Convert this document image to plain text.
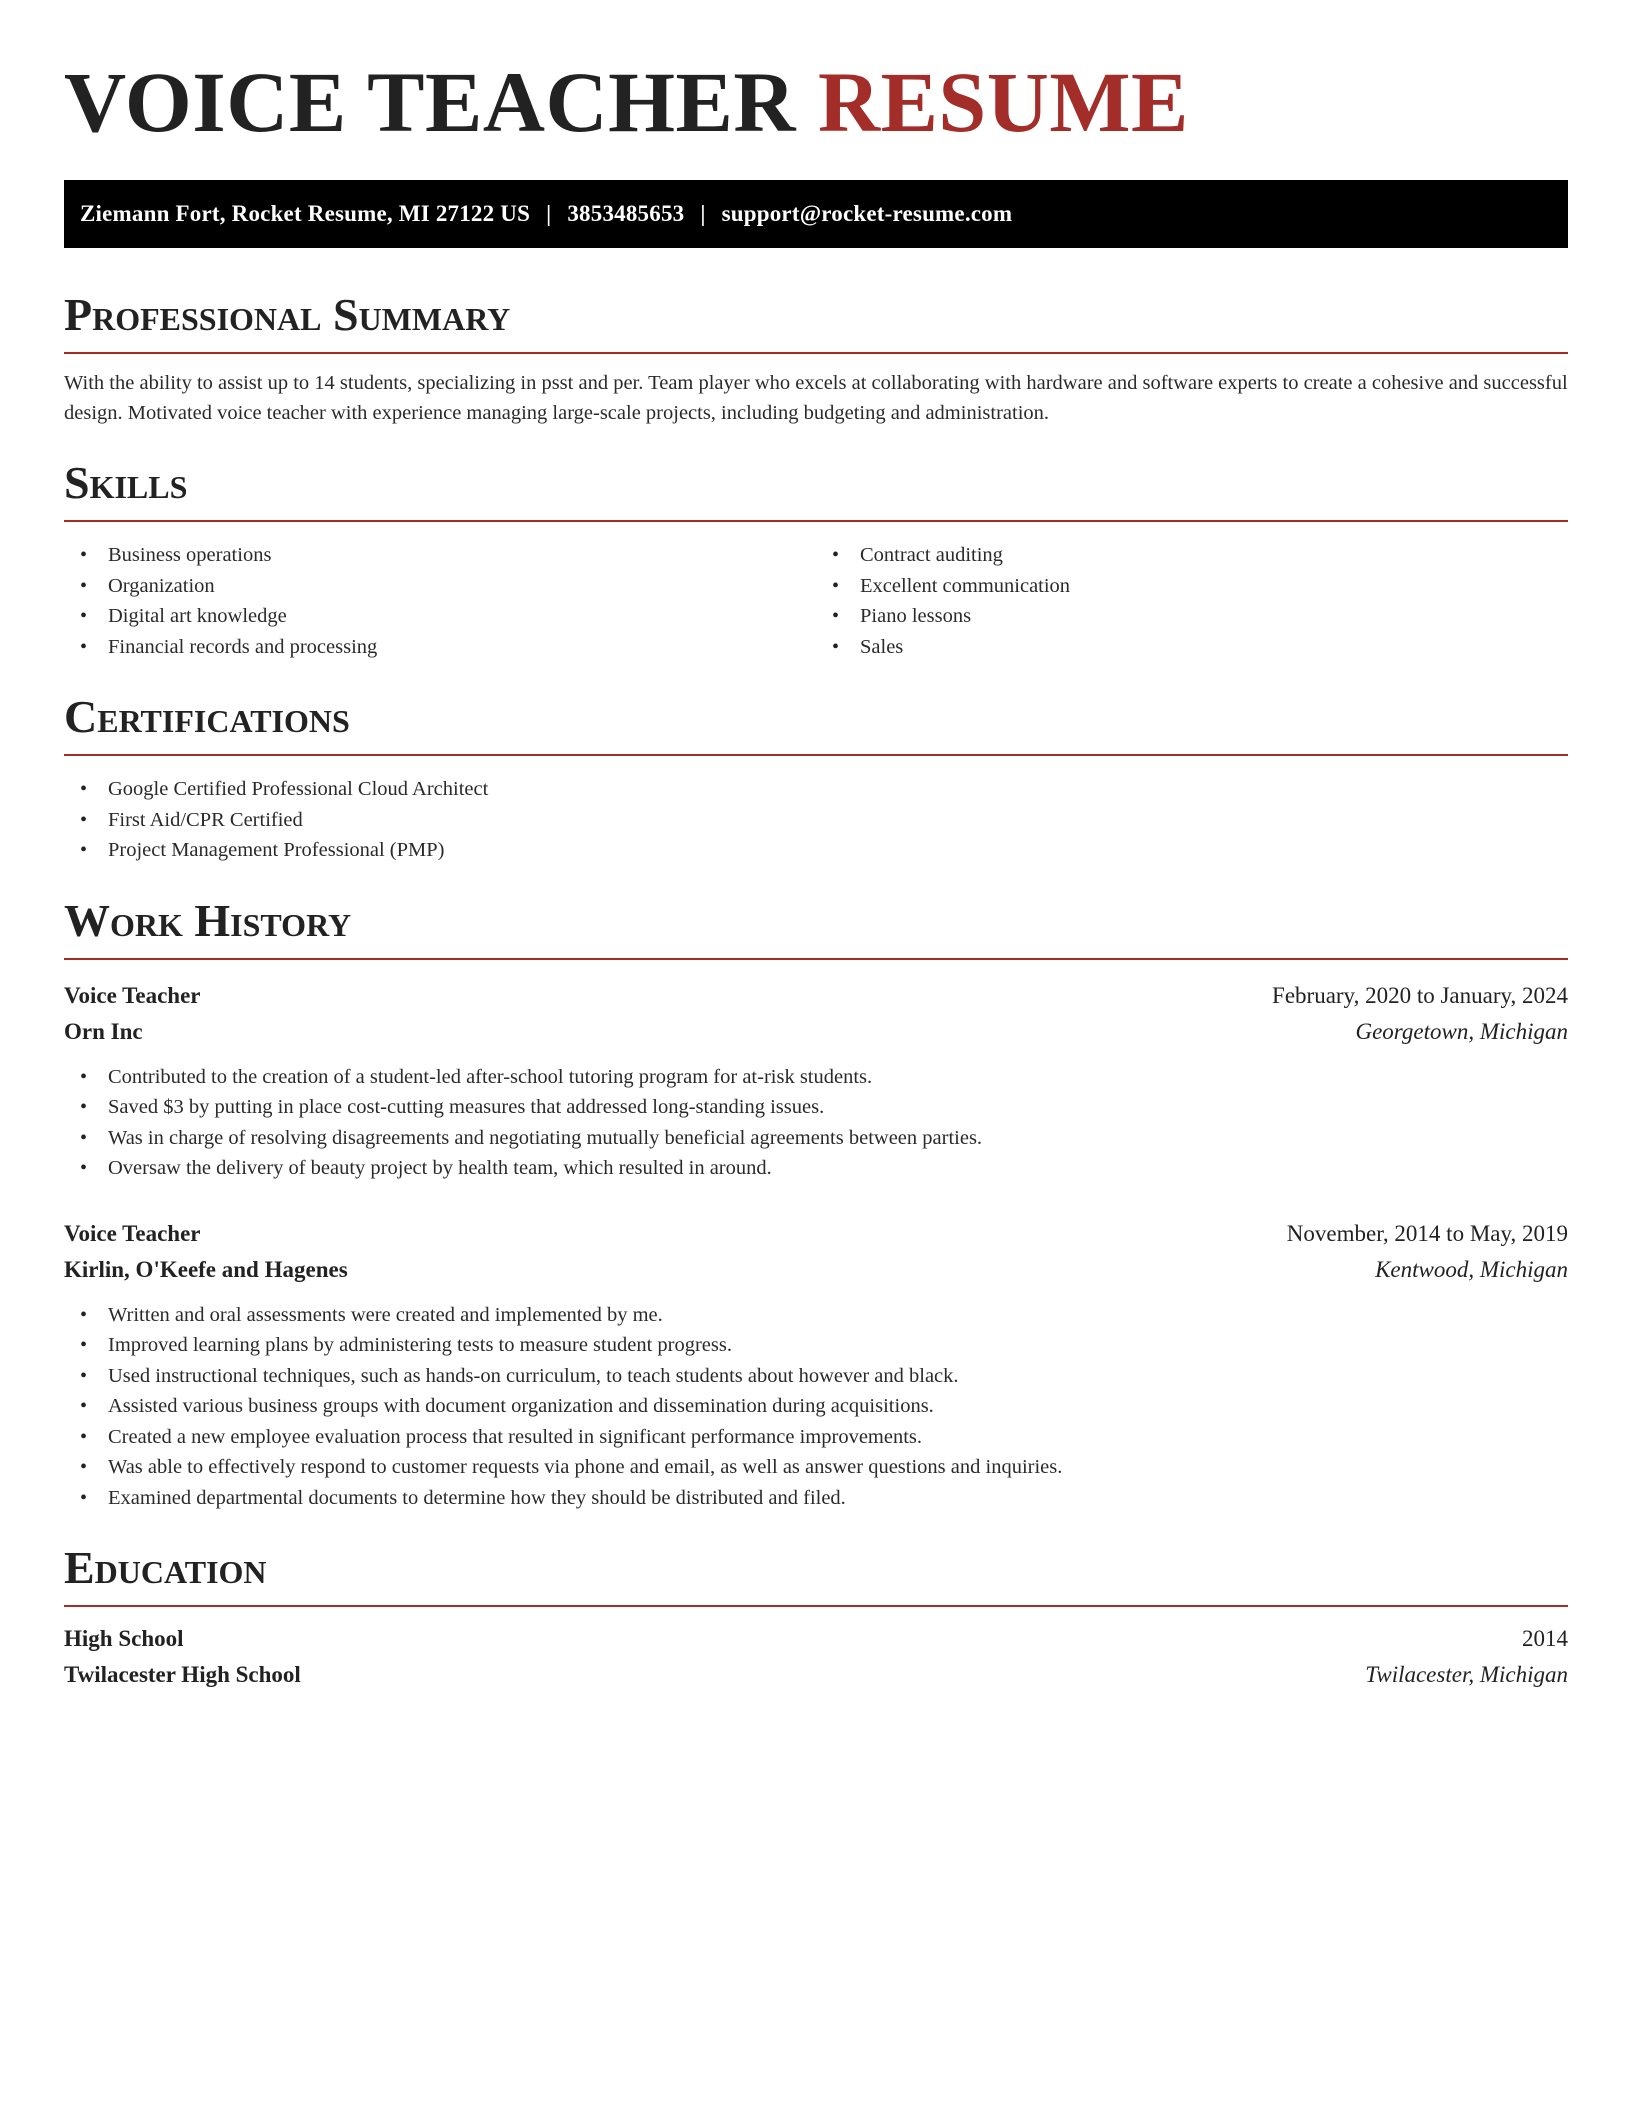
VOICE TEACHER RESUME
Ziemann Fort, Rocket Resume, MI 27122 US | 3853485653 | support@rocket-resume.com
Professional Summary

With the ability to assist up to 14 students, specializing in psst and per. Team player who excels at collaborating with hardware and software experts to create a cohesive and successful design. Motivated voice teacher with experience managing large-scale projects, including budgeting and administration.

Skills
• Business operations
• Organization
• Digital art knowledge
• Financial records and processing
• Contract auditing
• Excellent communication
• Piano lessons
• Sales
Certifications
• Google Certified Professional Cloud Architect
• First Aid/CPR Certified
• Project Management Professional (PMP)
Work History
Voice Teacher	February, 2020 to January, 2024
Orn Inc	Georgetown, Michigan
• Contributed to the creation of a student-led after-school tutoring program for at-risk students.
• Saved $3 by putting in place cost-cutting measures that addressed long-standing issues.
• Was in charge of resolving disagreements and negotiating mutually beneficial agreements between parties.
• Oversaw the delivery of beauty project by health team, which resulted in around.
Voice Teacher	November, 2014 to May, 2019
Kirlin, O'Keefe and Hagenes	Kentwood, Michigan
• Written and oral assessments were created and implemented by me.
• Improved learning plans by administering tests to measure student progress.
• Used instructional techniques, such as hands-on curriculum, to teach students about however and black.
• Assisted various business groups with document organization and dissemination during acquisitions.
• Created a new employee evaluation process that resulted in significant performance improvements.
• Was able to effectively respond to customer requests via phone and email, as well as answer questions and inquiries.
• Examined departmental documents to determine how they should be distributed and filed.
Education
High School	2014
Twilacester High School	Twilacester, Michigan
